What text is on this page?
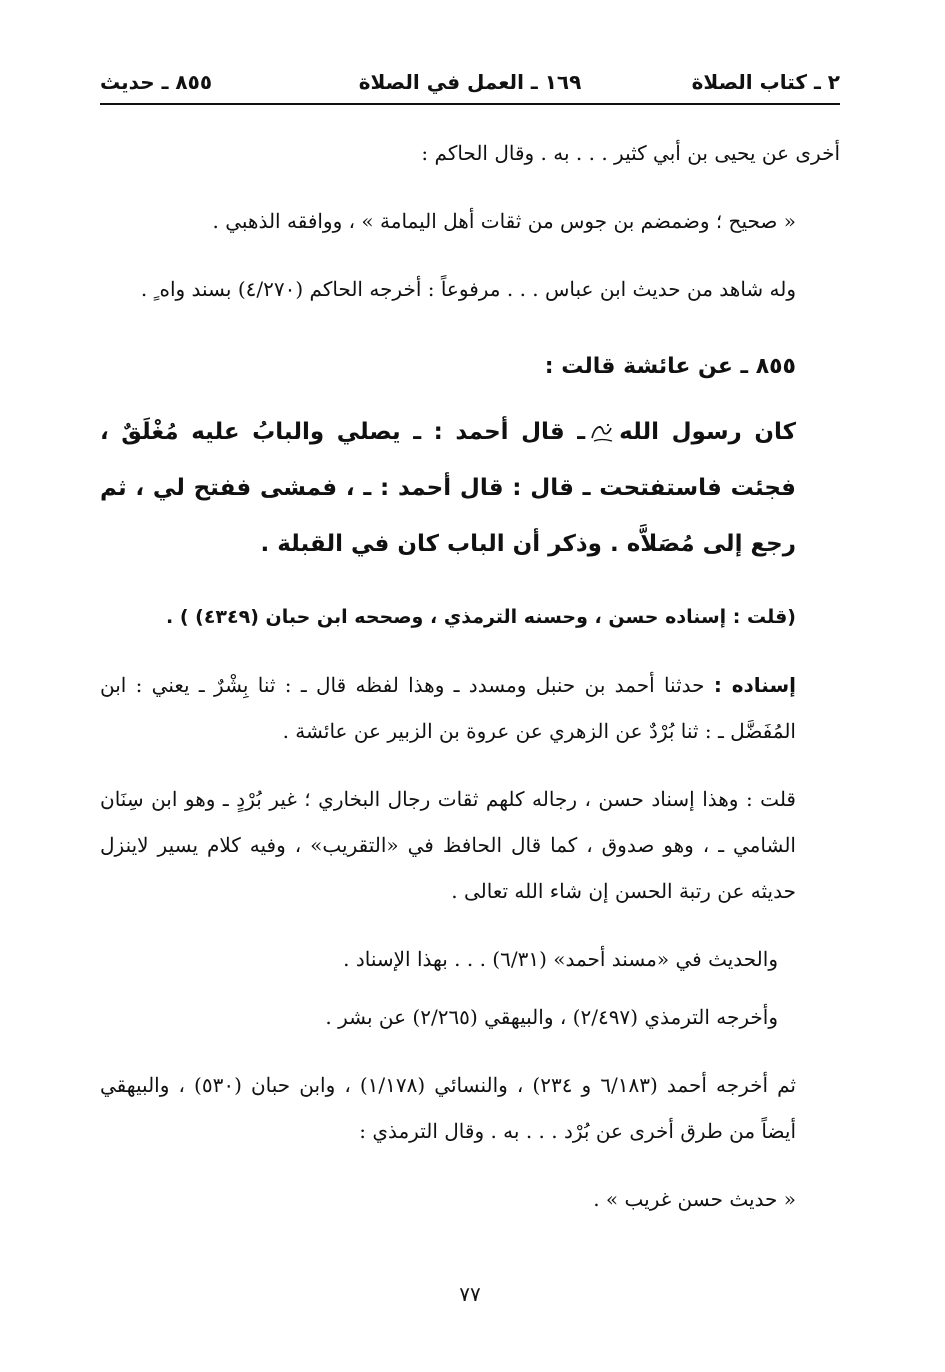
٢ ـ كتاب الصلاة
١٦٩ ـ العمل في الصلاة
٨٥٥ ـ حديث

أخرى عن يحيى بن أبي كثير . . . به . وقال الحاكم :

« صحيح ؛ وضمضم بن جوس من ثقات أهل اليمامة » ، ووافقه الذهبي .

وله شاهد من حديث ابن عباس . . . مرفوعاً : أخرجه الحاكم (٤/٢٧٠) بسند واه ٍ .

٨٥٥ ـ عن عائشة قالت :

كان رسول اللهـ قال أحمد : ـ يصلي والبابُ عليه مُغْلَقٌ ، فجئت فاستفتحت ـ قال : قال أحمد : ـ ، فمشى ففتح لي ، ثم رجع إلى مُصَلاَّه . وذكر أن الباب كان في القبلة .

(قلت : إسناده حسن ، وحسنه الترمذي ، وصححه ابن حبان (٤٣٤٩) ) .

إسناده : حدثنا أحمد بن حنبل ومسدد ـ وهذا لفظه قال ـ : ثنا بِشْرٌ ـ يعني : ابن المُفَضَّل ـ : ثنا بُرْدٌ عن الزهري عن عروة بن الزبير عن عائشة .

قلت : وهذا إسناد حسن ، رجاله كلهم ثقات رجال البخاري ؛ غير بُرْدٍ ـ وهو ابن سِنَان الشامي ـ ، وهو صدوق ، كما قال الحافظ في «التقريب» ، وفيه كلام يسير لاينزل حديثه عن رتبة الحسن إن شاء الله تعالى .

والحديث في «مسند أحمد» (٦/٣١) . . . بهذا الإسناد .

وأخرجه الترمذي (٢/٤٩٧) ، والبيهقي (٢/٢٦٥) عن بشر .

ثم أخرجه أحمد (٦/١٨٣ و ٢٣٤) ، والنسائي (١/١٧٨) ، وابن حبان (٥٣٠) ، والبيهقي أيضاً من طرق أخرى عن بُرْد . . . به . وقال الترمذي :

« حديث حسن غريب » .

٧٧
